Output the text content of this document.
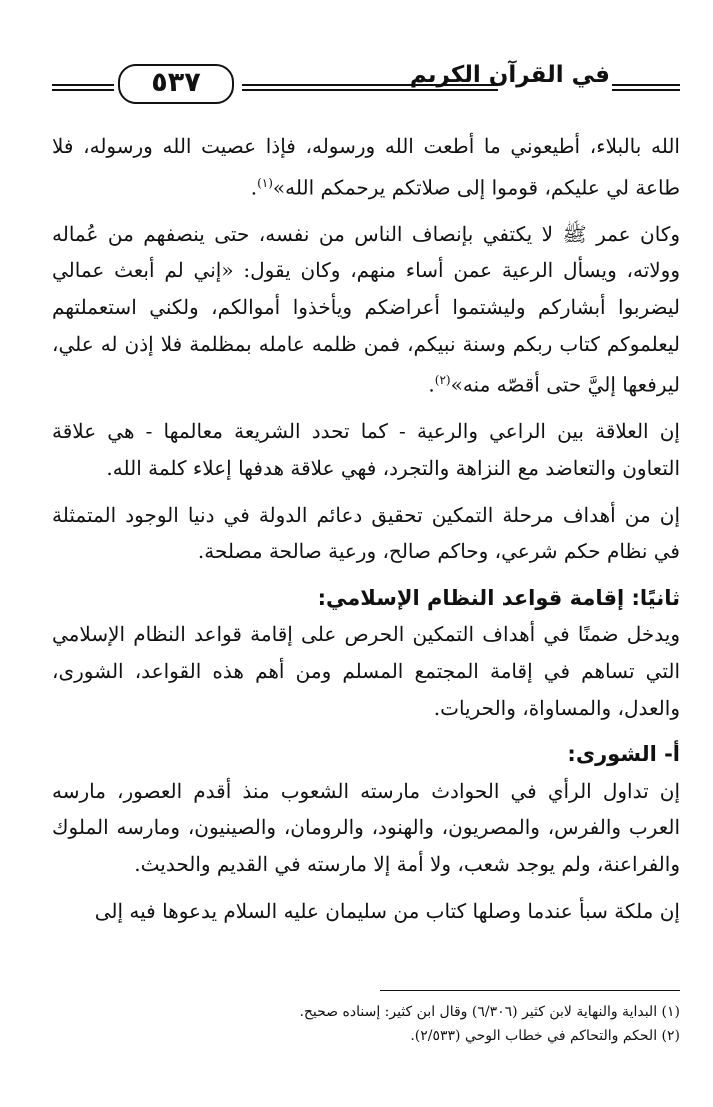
٥٣٧	في القرآن الكريم

الله بالبلاء، أطيعوني ما أطعت الله ورسوله، فإذا عصيت الله ورسوله، فلا طاعة لي عليكم، قوموا إلى صلاتكم يرحمكم الله»$^{(١)}$.

وكان عمر ﷺ لا يكتفي بإنصاف الناس من نفسه، حتى ينصفهم من عُماله وولاته، ويسأل الرعية عمن أساء منهم، وكان يقول: «إني لم أبعث عمالي ليضربوا أبشاركم وليشتموا أعراضكم ويأخذوا أموالكم، ولكني استعملتهم ليعلموكم كتاب ربكم وسنة نبيكم، فمن ظلمه عامله بمظلمة فلا إذن له علي، ليرفعها إليَّ حتى أقصّه منه»$^{(٢)}$.

إن العلاقة بين الراعي والرعية - كما تحدد الشريعة معالمها - هي علاقة التعاون والتعاضد مع النزاهة والتجرد، فهي علاقة هدفها إعلاء كلمة الله.

إن من أهداف مرحلة التمكين تحقيق دعائم الدولة في دنيا الوجود المتمثلة في نظام حكم شرعي، وحاكم صالح، ورعية صالحة مصلحة.

ثانيًا: إقامة قواعد النظام الإسلامي:

ويدخل ضمنًا في أهداف التمكين الحرص على إقامة قواعد النظام الإسلامي التي تساهم في إقامة المجتمع المسلم ومن أهم هذه القواعد، الشورى، والعدل، والمساواة، والحريات.

أ- الشورى:

إن تداول الرأي في الحوادث مارسته الشعوب منذ أقدم العصور، مارسه العرب والفرس، والمصريون، والهنود، والرومان، والصينيون، ومارسه الملوك والفراعنة، ولم يوجد شعب، ولا أمة إلا مارسته في القديم والحديث.

إن ملكة سبأ عندما وصلها كتاب من سليمان عليه السلام يدعوها فيه إلى

(١) البداية والنهاية لابن كثير (٦/٣٠٦) وقال ابن كثير: إسناده صحيح.

(٢) الحكم والتحاكم في خطاب الوحي (٢/٥٣٣).
